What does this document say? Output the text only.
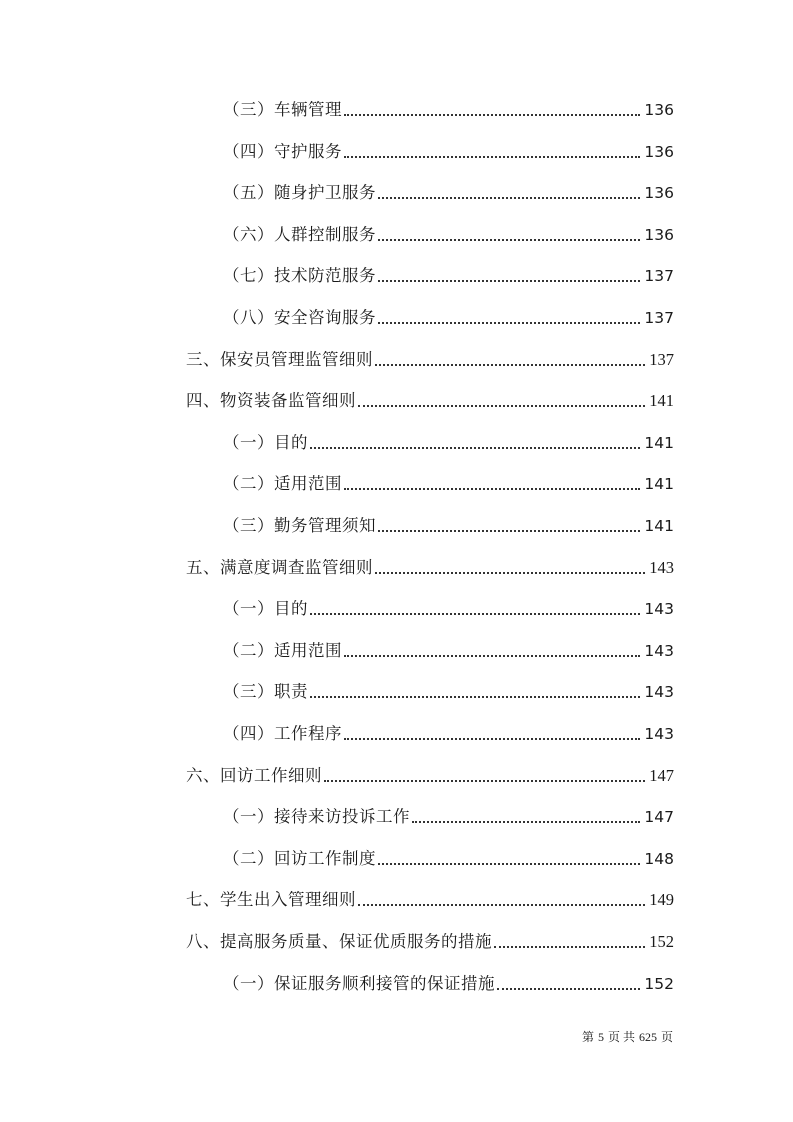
（三）车辆管理	136
（四）守护服务	136
（五）随身护卫服务	136
（六）人群控制服务	136
（七）技术防范服务	137
（八）安全咨询服务	137
三、保安员管理监管细则	137
四、物资装备监管细则	141
（一）目的	141
（二）适用范围	141
（三）勤务管理须知	141
五、满意度调查监管细则	143
（一）目的	143
（二）适用范围	143
（三）职责	143
（四）工作程序	143
六、回访工作细则	147
（一）接待来访投诉工作	147
（二）回访工作制度	148
七、学生出入管理细则	149
八、提高服务质量、保证优质服务的措施	152
（一）保证服务顺利接管的保证措施	152
第 5 页 共 625 页
